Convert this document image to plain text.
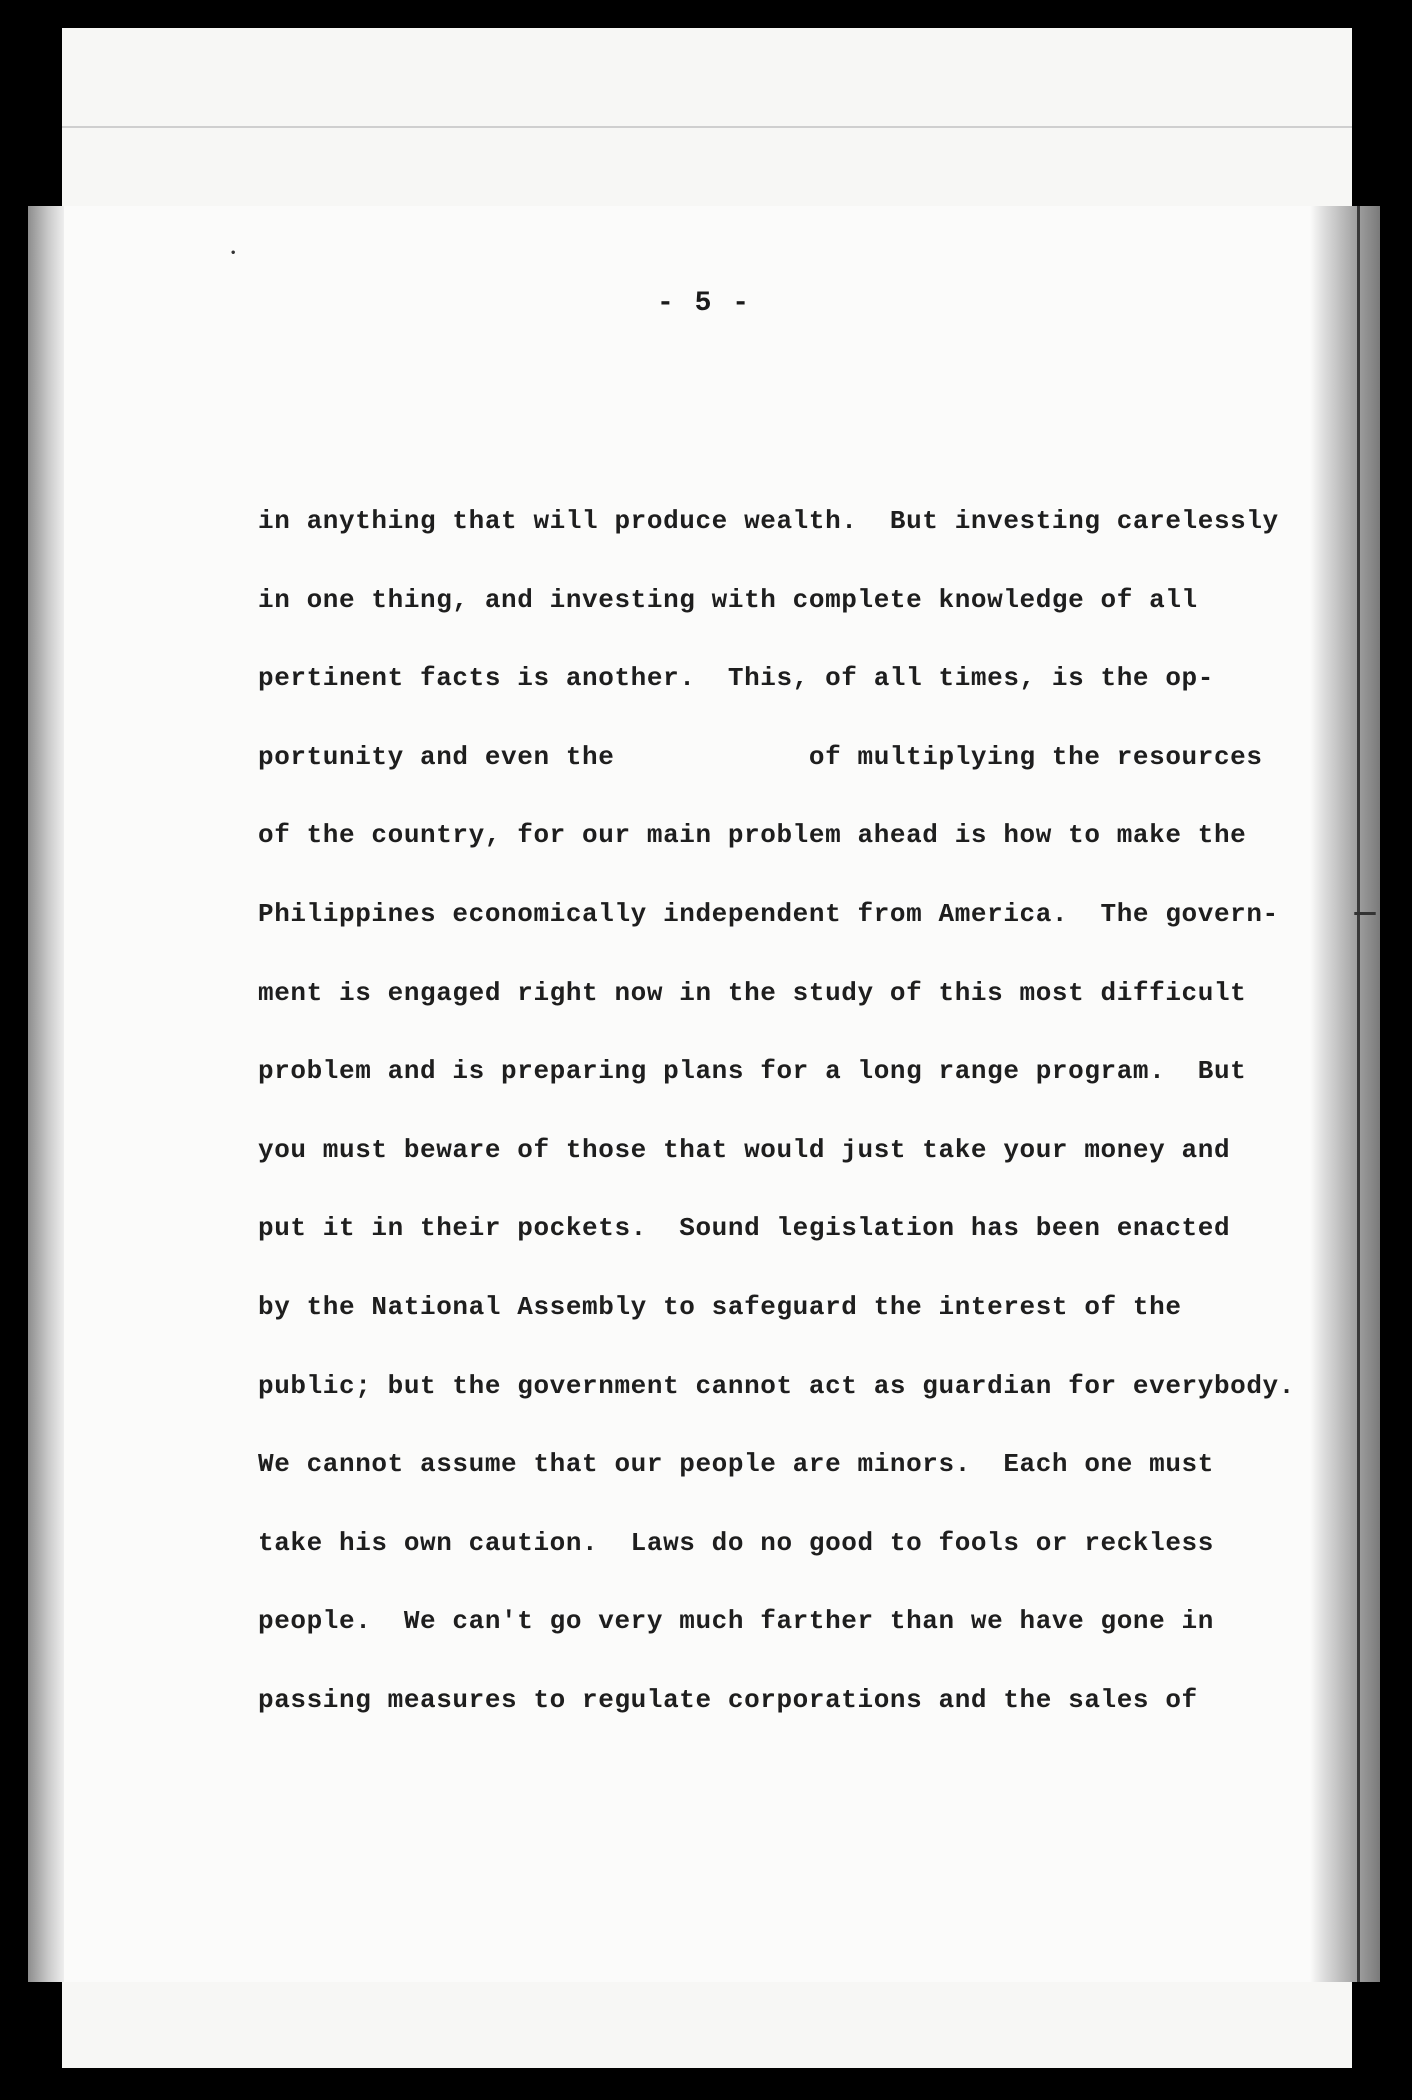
- 5 -
in anything that will produce wealth.  But investing carelessly
in one thing, and investing with complete knowledge of all
pertinent facts is another.  This, of all times, is the op-
portunity and even the            of multiplying the resources
of the country, for our main problem ahead is how to make the
Philippines economically independent from America.  The govern-
ment is engaged right now in the study of this most difficult
problem and is preparing plans for a long range program.  But
you must beware of those that would just take your money and
put it in their pockets.  Sound legislation has been enacted
by the National Assembly to safeguard the interest of the
public; but the government cannot act as guardian for everybody.
We cannot assume that our people are minors.  Each one must
take his own caution.  Laws do no good to fools or reckless
people.  We can't go very much farther than we have gone in
passing measures to regulate corporations and the sales of
•
—
